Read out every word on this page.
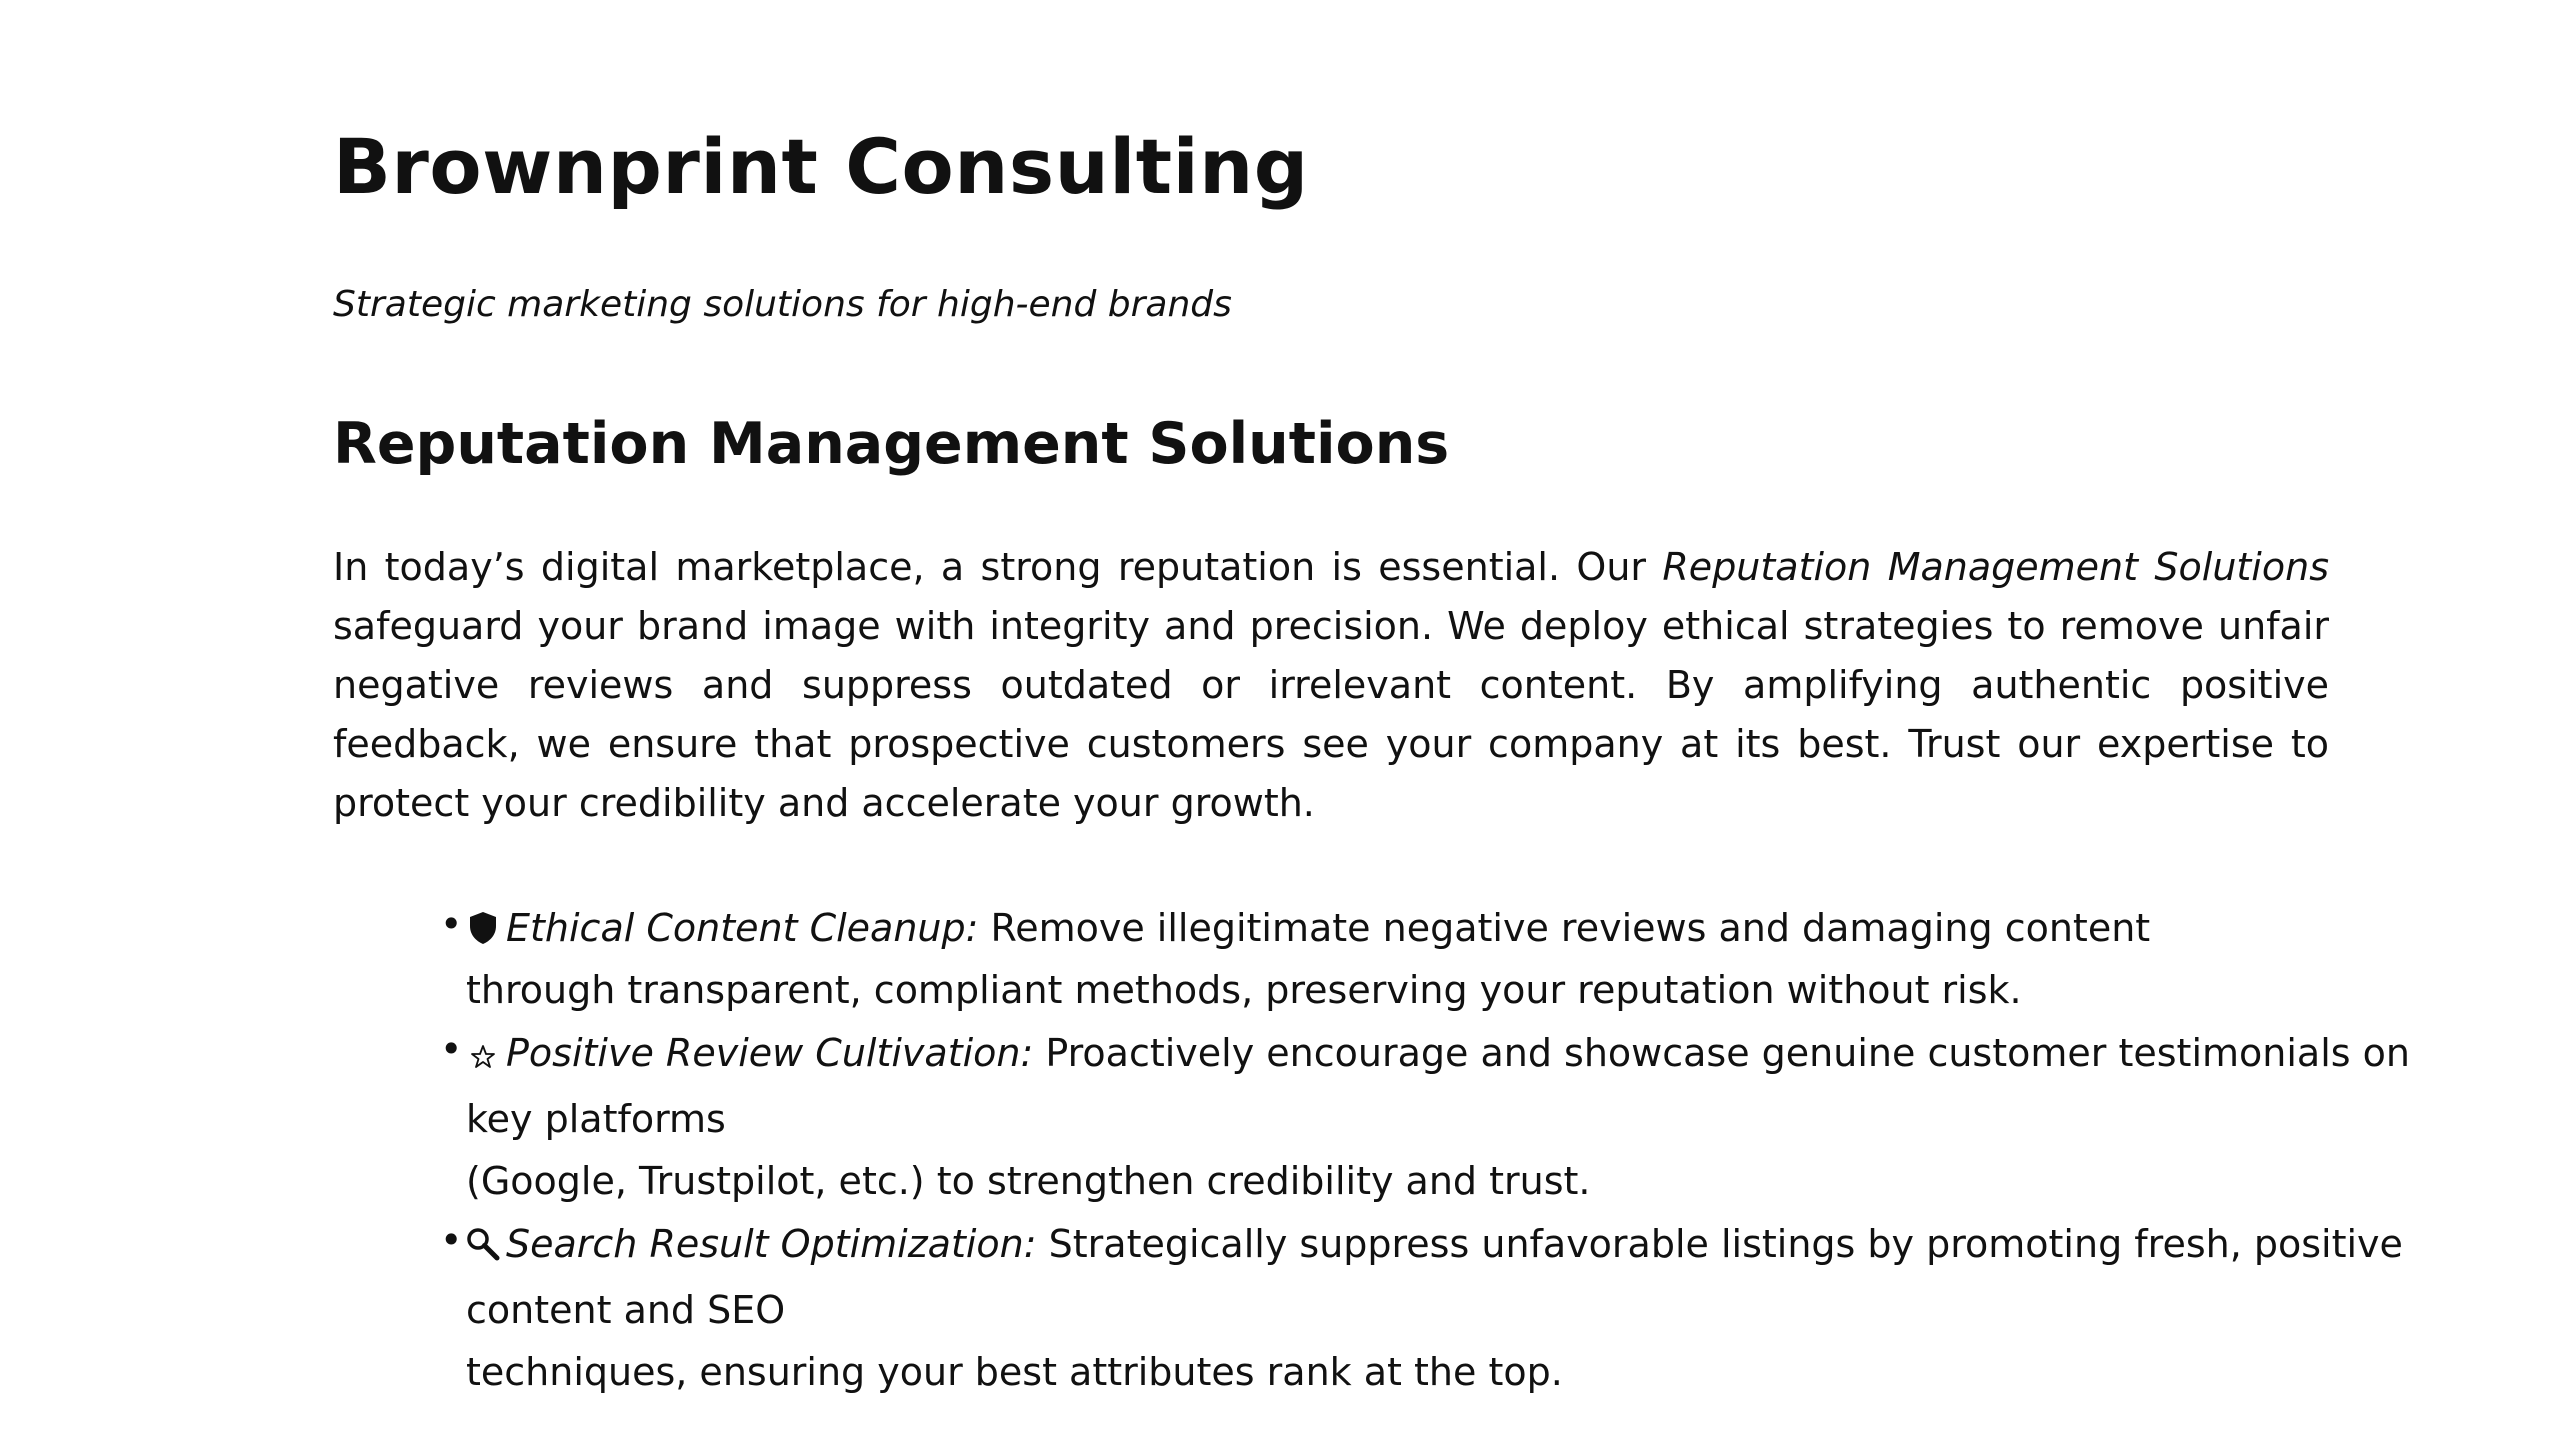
Brownprint Consulting

Strategic marketing solutions for high-end brands

Reputation Management Solutions

In today’s digital marketplace, a strong reputation is essential. Our Reputation Management Solutions safeguard your brand image with integrity and precision. We deploy ethical strategies to remove unfair negative reviews and suppress outdated or irrelevant content. By amplifying authentic positive feedback, we ensure that prospective customers see your company at its best. Trust our expertise to protect your credibility and accelerate your growth.

•	Ethical Content Cleanup: Remove illegitimate negative reviews and damaging content
through transparent, compliant methods, preserving your reputation without risk.
•	Positive Review Cultivation: Proactively encourage and showcase genuine customer testimonials on
key platforms
(Google, Trustpilot, etc.) to strengthen credibility and trust.
•	Search Result Optimization: Strategically suppress unfavorable listings by promoting fresh, positive
content and SEO
techniques, ensuring your best attributes rank at the top.
